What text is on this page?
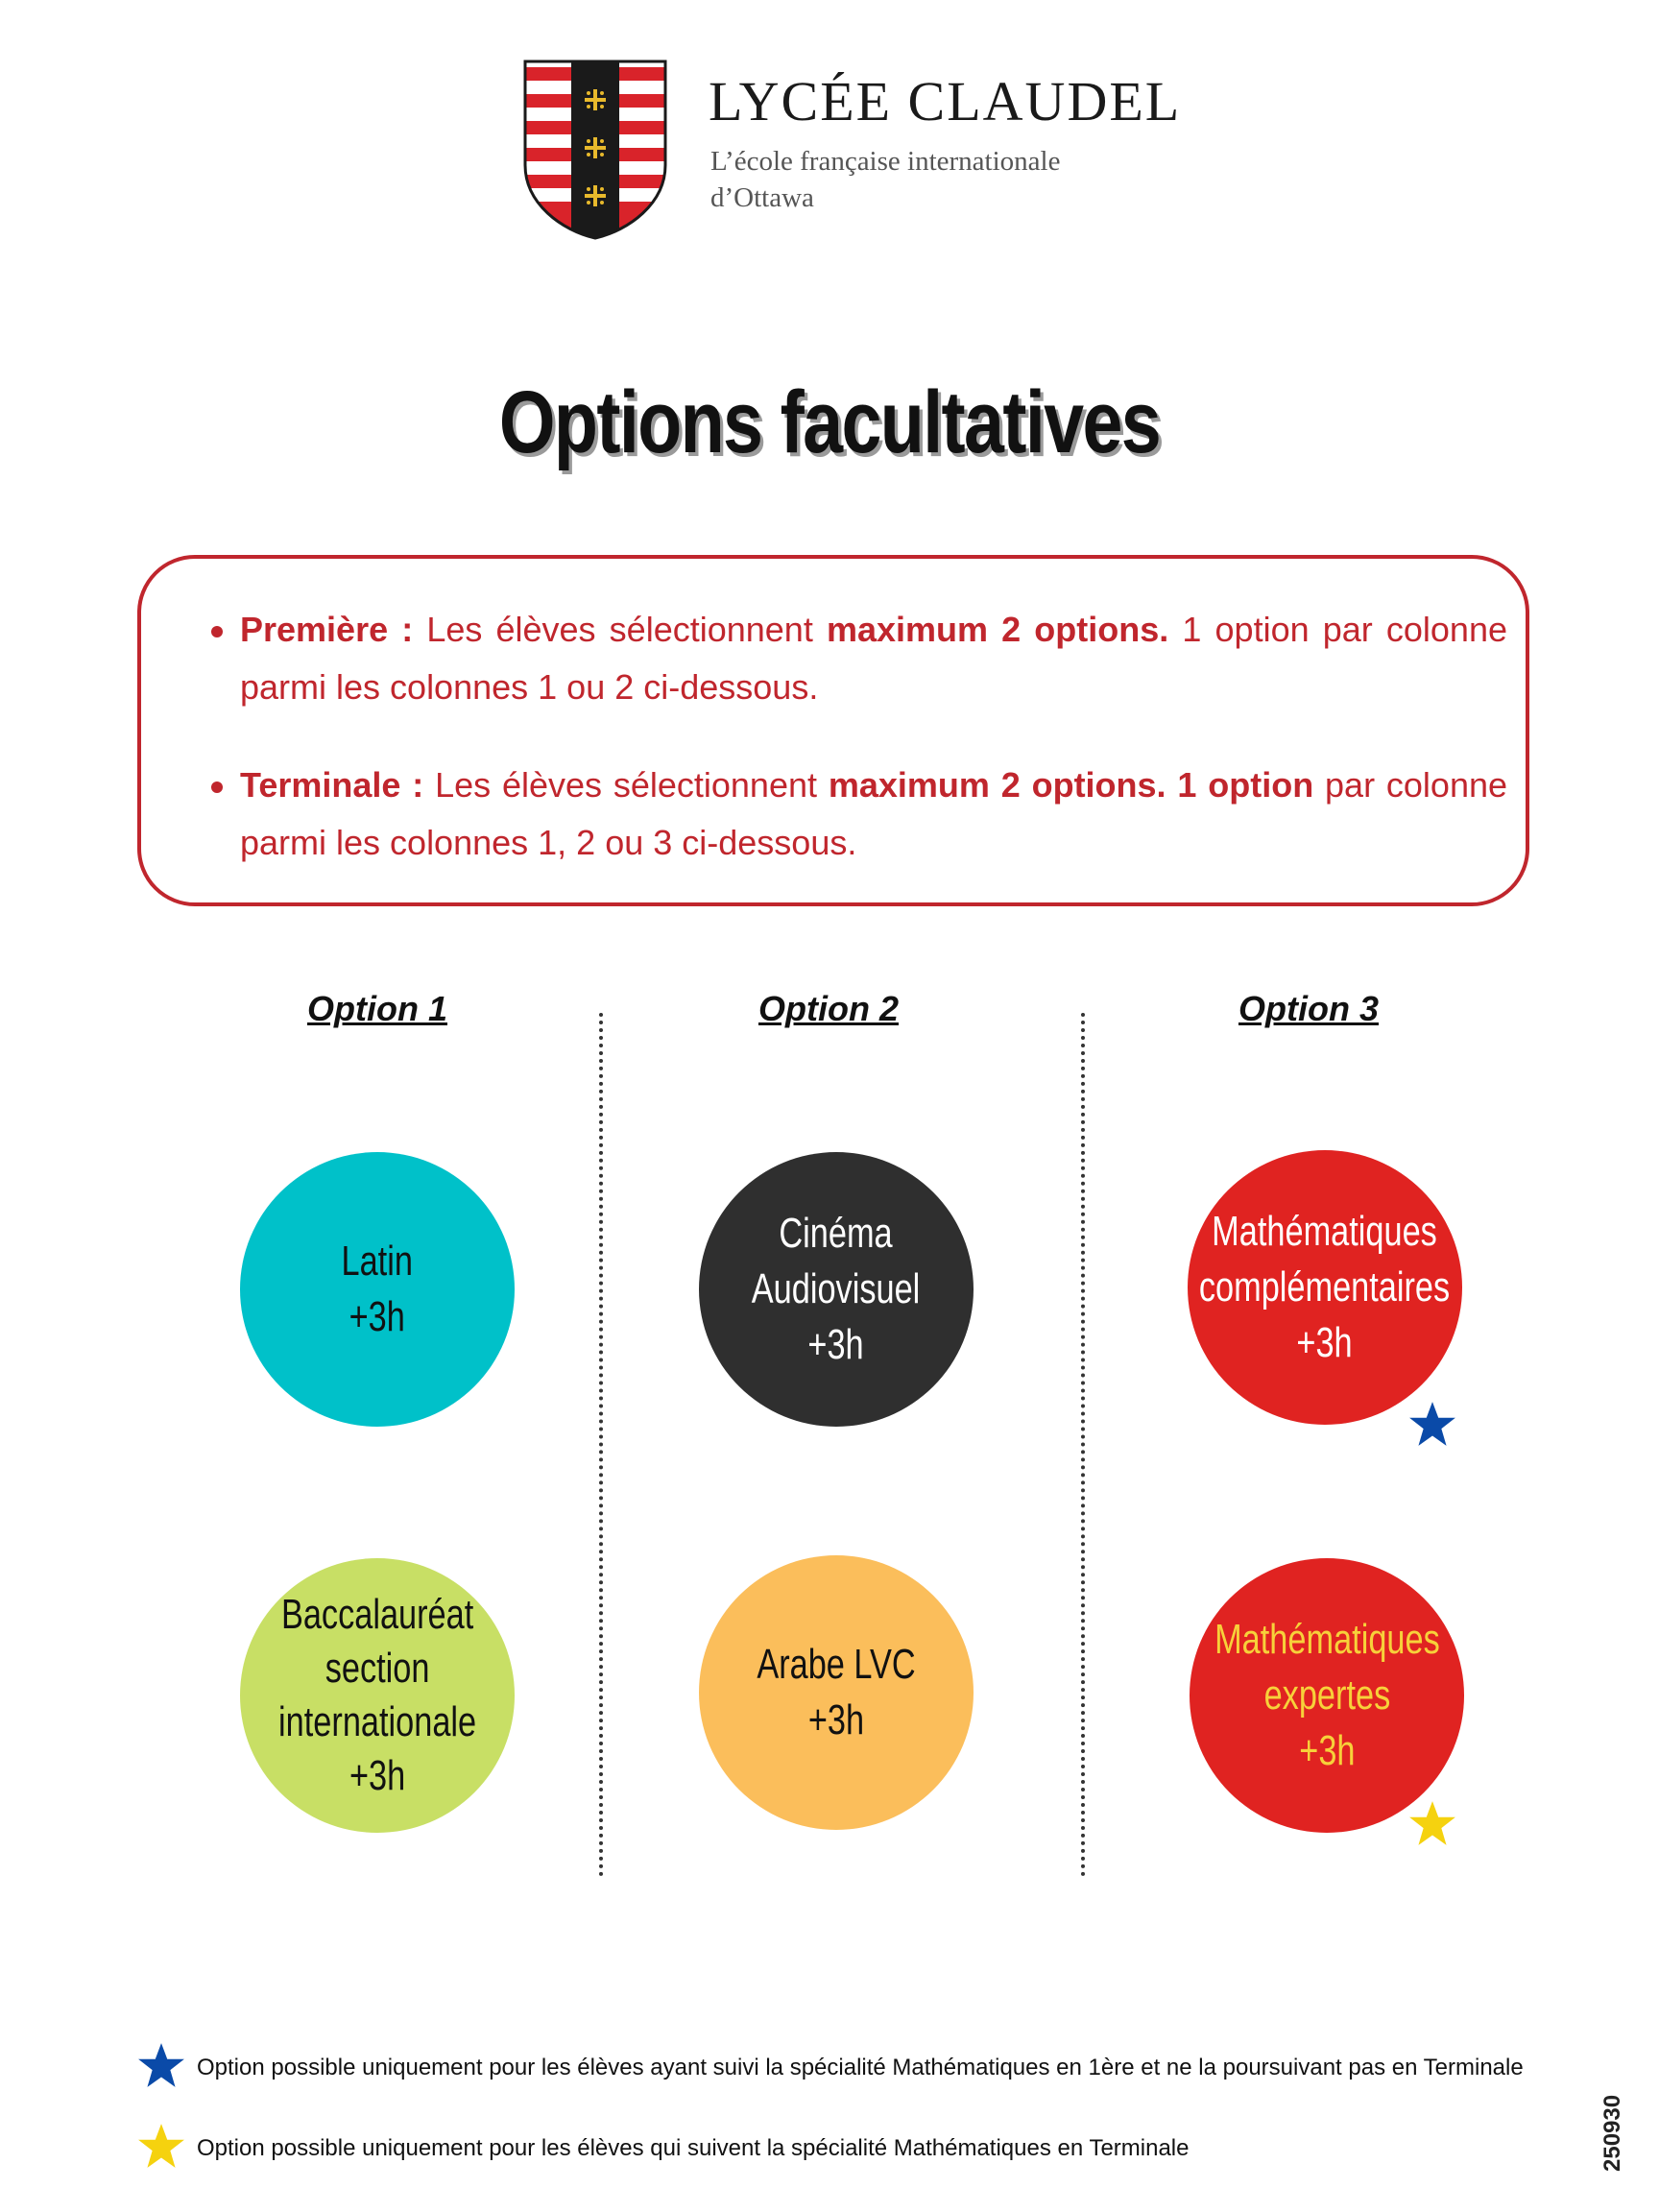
LYCÉE CLAUDEL
L’école française internationale
d’Ottawa
Options facultatives
Première : Les élèves sélectionnent maximum 2 options. 1 option par colonne parmi les colonnes 1 ou 2 ci-dessous.
Terminale : Les élèves sélectionnent maximum 2 options. 1 option par colonne parmi les colonnes 1, 2 ou 3 ci-dessous.
Option 1	Option 2	Option 3
Latin
+3h
Cinéma
Audiovisuel
+3h
Mathématiques
complémentaires
+3h
Baccalauréat
section
internationale
+3h
Arabe LVC
+3h
Mathématiques
expertes
+3h
Option possible uniquement pour les élèves ayant suivi la spécialité Mathématiques en 1ère et ne la poursuivant pas en Terminale
Option possible uniquement pour les élèves qui suivent la spécialité Mathématiques en Terminale	250930
